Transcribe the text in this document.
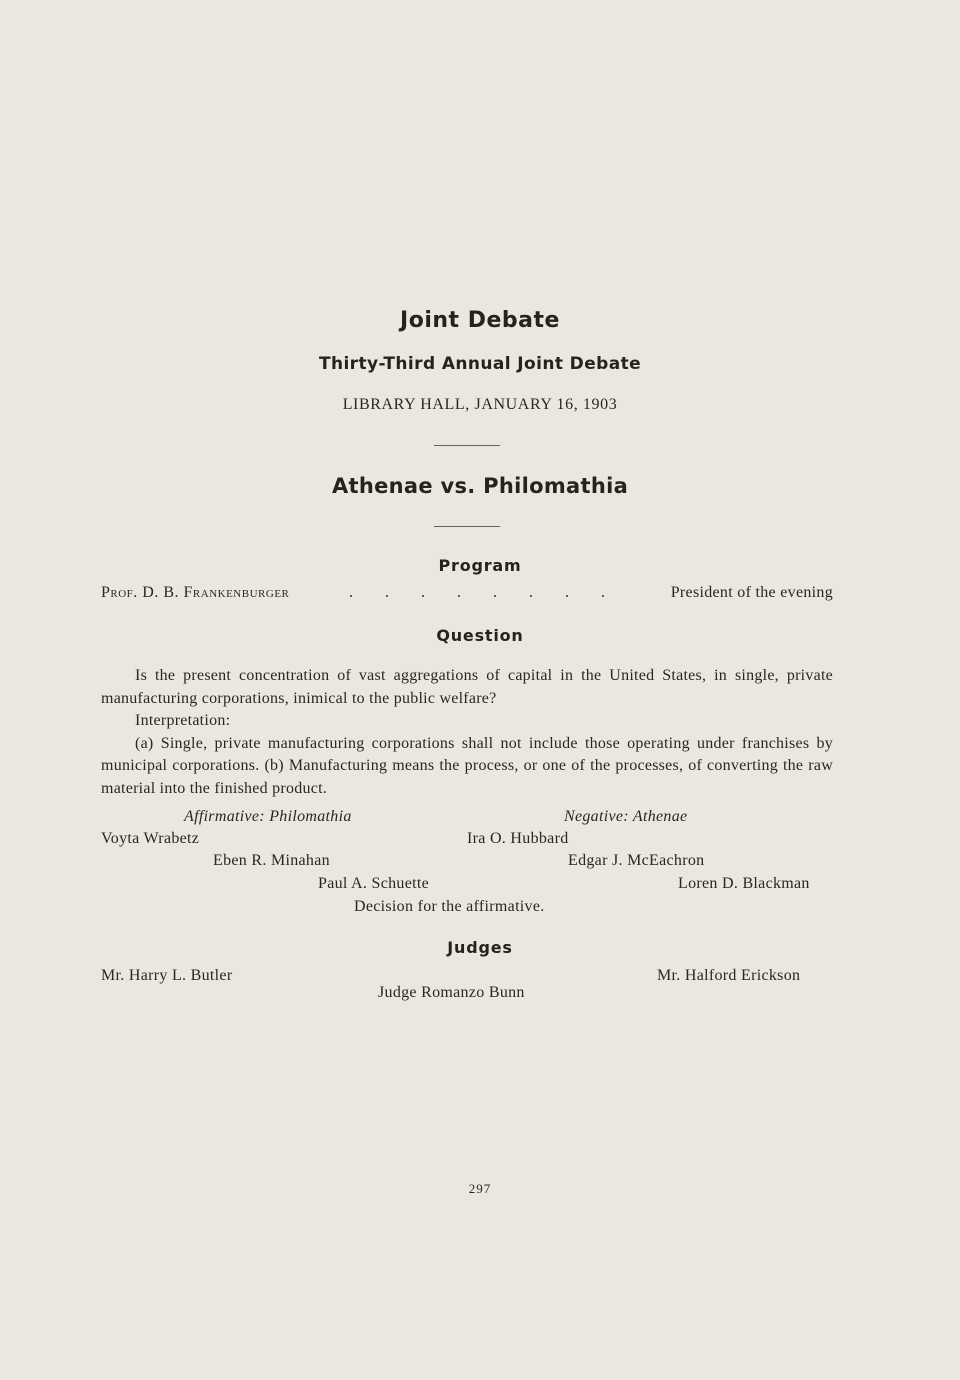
Joint Debate
Thirty-Third Annual Joint Debate
LIBRARY HALL, JANUARY 16, 1903
Athenae vs. Philomathia
Program
Prof. D. B. Frankenburger	. . . . . . . .	President of the evening
Question

Is the present concentration of vast aggregations of capital in the United States, in single, private manufacturing corporations, inimical to the public welfare?

Interpretation:

(a) Single, private manufacturing corporations shall not include those operating under franchises by municipal corporations. (b) Manufacturing means the process, or one of the processes, of converting the raw material into the finished product.

Affirmative: Philomathia	Negative: Athenae
Voyta Wrabetz	Ira O. Hubbard
Eben R. Minahan	Edgar J. McEachron
Paul A. Schuette	Loren D. Blackman
Decision for the affirmative.
Judges
Mr. Harry L. Butler	Mr. Halford Erickson
Judge Romanzo Bunn
297
